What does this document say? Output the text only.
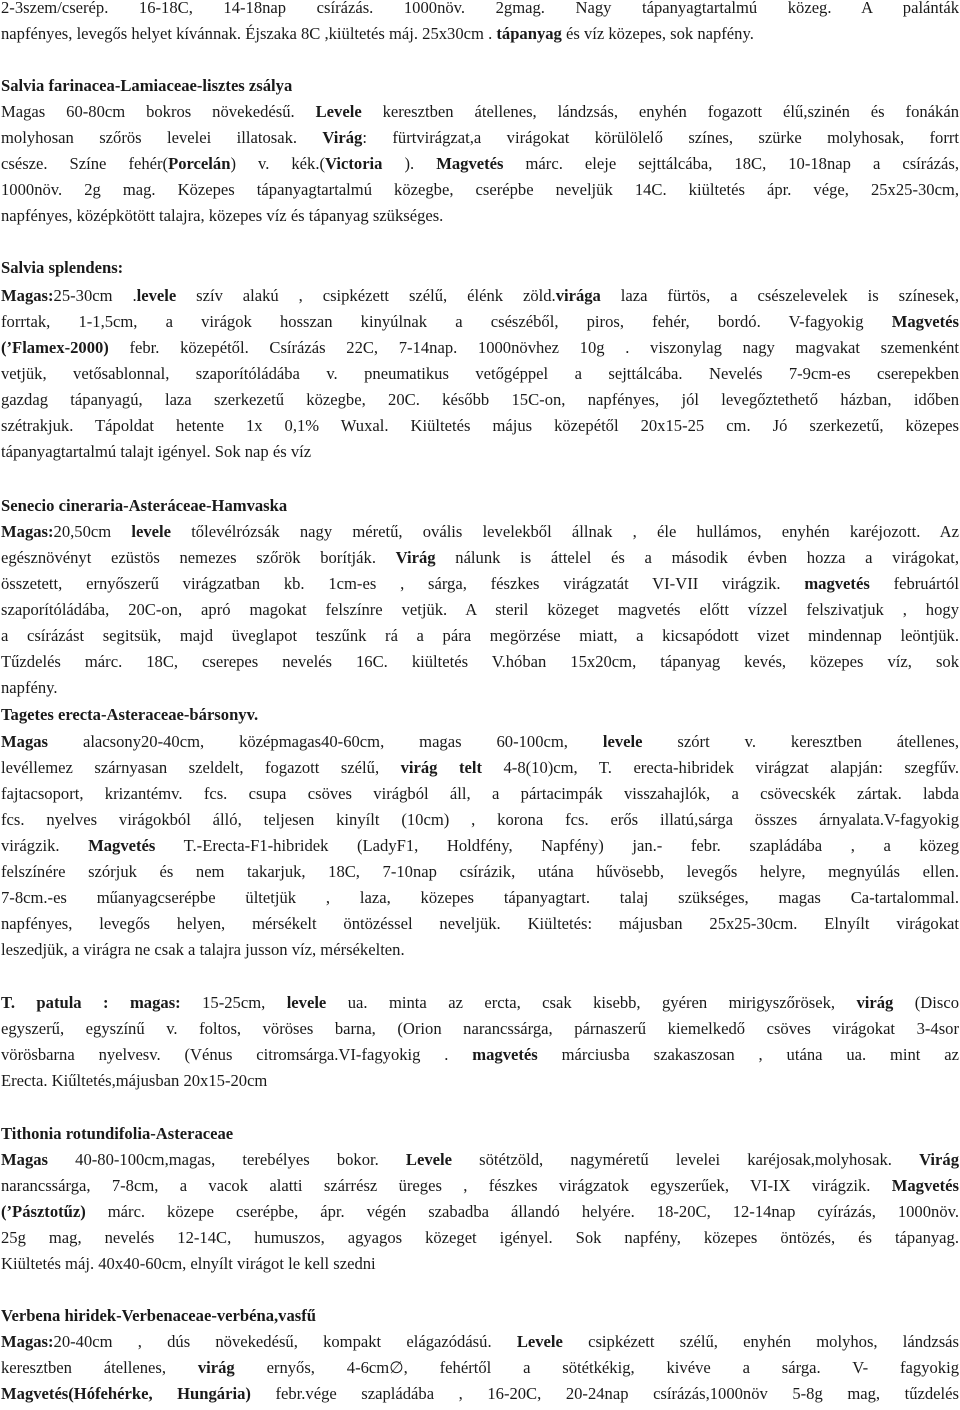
2-3szem/cserép. 16-18C, 14-18nap csírázás. 1000növ. 2gmag. Nagy tápanyagtartalmú közeg. A palánták
napfényes, levegős helyet kívánnak. Éjszaka 8C ,kiültetés máj. 25x30cm . tápanyag és víz közepes, sok napfény.
Salvia farinacea-Lamiaceae-lisztes zsálya
Magas 60-80cm bokros növekedésű. Levele keresztben átellenes, lándzsás, enyhén fogazott élű,szinén és fonákán
molyhosan szőrös levelei illatosak. Virág: fürtvirágzat,a virágokat körülölelő színes, szürke molyhosak, forrt
csésze. Színe fehér(Porcelán) v. kék.(Victoria ). Magvetés márc. eleje sejttálcába, 18C, 10-18nap a csírázás,
1000növ. 2g mag. Közepes tápanyagtartalmú közegbe, cserépbe neveljük 14C. kiültetés ápr. vége, 25x25-30cm,
napfényes, középkötött talajra, közepes víz és tápanyag szükséges.
Salvia splendens:
Magas:25-30cm .levele szív alakú , csipkézett szélű, élénk zöld.virága laza fürtös, a csészelevelek is színesek,
forrtak, 1-1,5cm, a virágok hosszan kinyúlnak a csészéből, piros, fehér, bordó. V-fagyokig Magvetés
(’Flamex-2000) febr. közepétől. Csírázás 22C, 7-14nap. 1000növhez 10g . viszonylag nagy magvakat szemenként
vetjük, vetősablonnal, szaporítóládába v. pneumatikus vetőgéppel a sejttálcába. Nevelés 7-9cm-es cserepekben
gazdag tápanyagú, laza szerkezetű közegbe, 20C. később 15C-on, napfényes, jól levegőztethető házban, időben
szétrakjuk. Tápoldat hetente 1x 0,1% Wuxal. Kiültetés május közepétől 20x15-25 cm. Jó szerkezetű, közepes
tápanyagtartalmú talajt igényel. Sok nap és víz
Senecio cineraria-Asteráceae-Hamvaska
Magas:20,50cm levele tőlevélrózsák nagy méretű, ovális levelekből állnak , éle hullámos, enyhén karéjozott. Az
egésznövényt ezüstös nemezes szőrök borítják. Virág nálunk is áttelel és a második évben hozza a virágokat,
összetett, ernyőszerű virágzatban kb. 1cm-es , sárga, fészkes virágzatát VI-VII virágzik. magvetés februártól
szaporítóládába, 20C-on, apró magokat felszínre vetjük. A steril közeget magvetés előtt vízzel felszivatjuk , hogy
a csírázást segitsük, majd üveglapot teszűnk rá a pára megörzése miatt, a kicsapódott vizet mindennap leöntjük.
Tűzdelés márc. 18C, cserepes nevelés 16C. kiültetés V.hóban 15x20cm, tápanyag kevés, közepes víz, sok
napfény.
Tagetes erecta-Asteraceae-bársonyv.
Magas alacsony20-40cm, középmagas40-60cm, magas 60-100cm, levele szórt v. keresztben átellenes,
levéllemez szárnyasan szeldelt, fogazott szélű, virág telt 4-8(10)cm, T. erecta-hibridek virágzat alapján: szegfűv.
fajtacsoport, krizantémv. fcs. csupa csöves virágból áll, a pártacimpák visszahajlók, a csövecskék zártak. labda
fcs. nyelves virágokból álló, teljesen kinyílt (10cm) , korona fcs. erős illatú,sárga összes árnyalata.V-fagyokig
virágzik. Magvetés T.-Erecta-F1-hibridek (LadyF1, Holdfény, Napfény) jan.- febr. szapládába , a közeg
felszínére szórjuk és nem takarjuk, 18C, 7-10nap csírázik, utána hűvösebb, levegős helyre, megnyúlás ellen.
7-8cm.-es műanyagcserépbe ültetjük , laza, közepes tápanyagtart. talaj szükséges, magas Ca-tartalommal.
napfényes, levegős helyen, mérsékelt öntözéssel neveljük. Kiültetés: májusban 25x25-30cm. Elnyílt virágokat
leszedjük, a virágra ne csak a talajra jusson víz, mérsékelten.
T. patula : magas: 15-25cm, levele ua. minta az ercta, csak kisebb, gyéren mirigyszőrösek, virág (Disco
egyszerű, egyszínű v. foltos, vöröses barna, (Orion narancssárga, párnaszerű kiemelkedő csöves virágokat 3-4sor
vörösbarna nyelvesv. (Vénus citromsárga.VI-fagyokig . magvetés márciusba szakaszosan , utána ua. mint az
Erecta. Kiűltetés,májusban 20x15-20cm
Tithonia rotundifolia-Asteraceae
Magas 40-80-100cm,magas, terebélyes bokor. Levele sötétzöld, nagyméretű levelei karéjosak,molyhosak. Virág
narancssárga, 7-8cm, a vacok alatti szárrész üreges , fészkes virágzatok egyszerűek, VI-IX virágzik. Magvetés
(’Pásztotűz) márc. közepe cserépbe, ápr. végén szabadba állandó helyére. 18-20C, 12-14nap cyírázás, 1000növ.
25g mag, nevelés 12-14C, humuszos, agyagos közeget igényel. Sok napfény, közepes öntözés, és tápanyag.
Kiültetés máj. 40x40-60cm, elnyílt virágot le kell szedni
Verbena hiridek-Verbenaceae-verbéna,vasfű
Magas:20-40cm , dús növekedésű, kompakt elágazódású. Levele csipkézett szélű, enyhén molyhos, lándzsás
keresztben átellenes, virág ernyős, 4-6cm∅, fehértől a sötétkékig, kivéve a sárga. V- fagyokig
Magvetés(Hófehérke, Hungária) febr.vége szapládába , 16-20C, 20-24nap csírázás,1000növ 5-8g mag, tűzdelés
